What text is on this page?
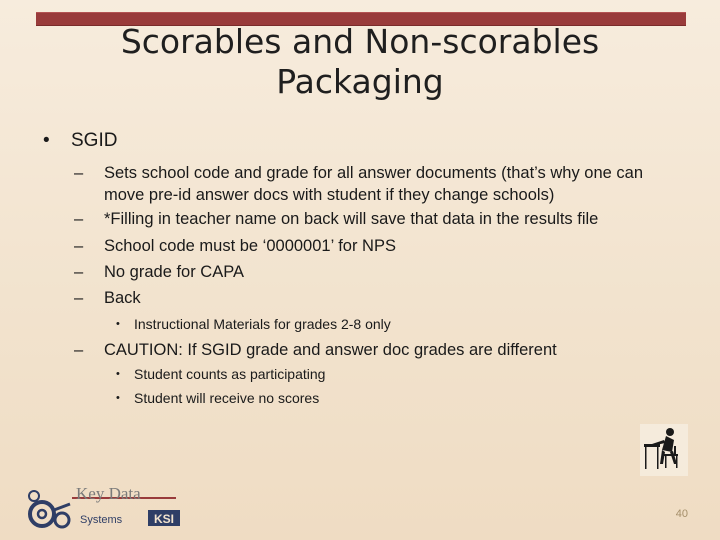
Scorables and Non-scorables
Packaging
• SGID
– Sets school code and grade for all answer documents (that’s why one can move pre-id answer docs with student if they change schools)
– *Filling in teacher name on back will save that data in the results file
– School code must be ‘0000001’ for NPS
– No grade for CAPA
– Back
• Instructional Materials for grades 2-8 only
– CAUTION: If SGID grade and answer doc grades are different
• Student counts as participating
• Student will receive no scores
KSI
Key Data
Systems	40
